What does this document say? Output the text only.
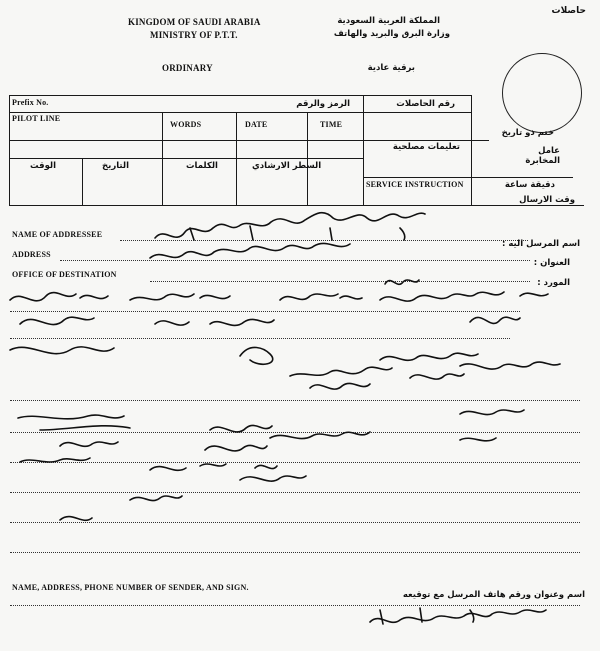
حاصلات
KINGDOM OF SAUDI ARABIA
MINISTRY OF P.T.T.
المملكة العربية السعودية
وزارة البرق والبريد والهاتف
ORDINARY	برقية عادية
ختم ذو تاريخ
Prefix No.	الرمز والرقم	رقم الحاصلات
PILOT LINE
WORDS	DATE	TIME
تعليمات مصلحية
الوقت	التاريخ	الكلمات	السطر الارشادي
SERVICE INSTRUCTION
عامل المخابرة
دقيقة ساعة
وقت الارسال
NAME OF ADDRESSEE
اسم المرسل اليه :
ADDRESS
العنوان :
OFFICE OF DESTINATION
المورد :
NAME, ADDRESS, PHONE NUMBER OF SENDER, AND SIGN.
اسم وعنوان ورقم هاتف المرسل مع توقيعه
